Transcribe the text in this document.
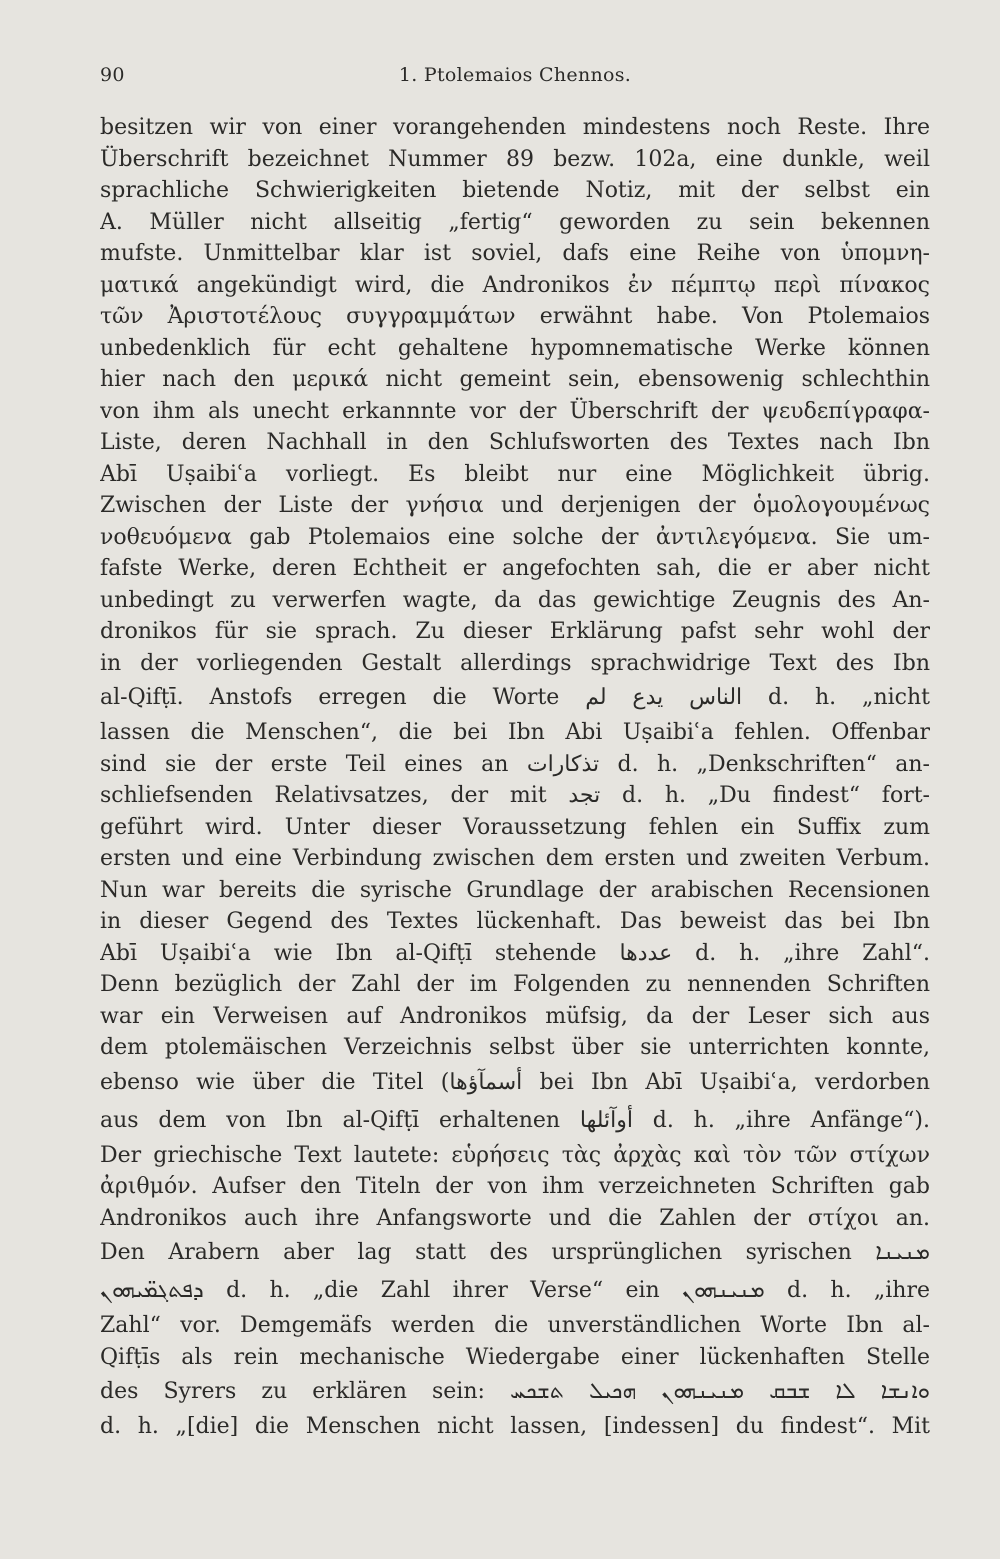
90	1. Ptolemaios Chennos.
besitzen wir von einer vorangehenden mindestens noch Reste. Ihre
Überschrift bezeichnet Nummer 89 bezw. 102a, eine dunkle, weil
sprachliche Schwierigkeiten bietende Notiz, mit der selbst ein
A. Müller nicht allseitig „fertig“ geworden zu sein bekennen
mufste. Unmittelbar klar ist soviel, dafs eine Reihe von ὑπομνη-
ματικά angekündigt wird, die Andronikos ἐν πέμπτῳ περὶ πίνακος
τῶν Ἀριστοτέλους συγγραμμάτων erwähnt habe. Von Ptolemaios
unbedenklich für echt gehaltene hypomnematische Werke können
hier nach den μερικά nicht gemeint sein, ebensowenig schlechthin
von ihm als unecht erkannnte vor der Überschrift der ψευδεπίγραφα-
Liste, deren Nachhall in den Schlufsworten des Textes nach Ibn
Abī Uṣaibiʿa vorliegt. Es bleibt nur eine Möglichkeit übrig.
Zwischen der Liste der γνήσια und derjenigen der ὁμολογουμένως
νοθευόμενα gab Ptolemaios eine solche der ἀντιλεγόμενα. Sie um-
fafste Werke, deren Echtheit er angefochten sah, die er aber nicht
unbedingt zu verwerfen wagte, da das gewichtige Zeugnis des An-
dronikos für sie sprach. Zu dieser Erklärung pafst sehr wohl der
in der vorliegenden Gestalt allerdings sprachwidrige Text des Ibn
al-Qifṭī. Anstofs erregen die Worte الناس يدع لم d. h. „nicht
lassen die Menschen“, die bei Ibn Abi Uṣaibiʿa fehlen. Offenbar
sind sie der erste Teil eines an تذكارات d. h. „Denkschriften“ an-
schliefsenden Relativsatzes, der mit تجد d. h. „Du findest“ fort-
geführt wird. Unter dieser Voraussetzung fehlen ein Suffix zum
ersten und eine Verbindung zwischen dem ersten und zweiten Verbum.
Nun war bereits die syrische Grundlage der arabischen Recensionen
in dieser Gegend des Textes lückenhaft. Das beweist das bei Ibn
Abī Uṣaibiʿa wie Ibn al-Qifṭī stehende عددها d. h. „ihre Zahl“.
Denn bezüglich der Zahl der im Folgenden zu nennenden Schriften
war ein Verweisen auf Andronikos müfsig, da der Leser sich aus
dem ptolemäischen Verzeichnis selbst über sie unterrichten konnte,
ebenso wie über die Titel (أسمآؤها bei Ibn Abī Uṣaibiʿa, verdorben
aus dem von Ibn al-Qifṭī erhaltenen أوآئلها d. h. „ihre Anfänge“).
Der griechische Text lautete: εὑρήσεις τὰς ἀρχὰς καὶ τὸν τῶν στίχων
ἀριθμόν. Aufser den Titeln der von ihm verzeichneten Schriften gab
Andronikos auch ihre Anfangsworte und die Zahlen der στίχοι an.
Den Arabern aber lag statt des ursprünglichen syrischen ܡܢܝܢܐ
ܕܦܬܓܡ̈ܝܗܘܢ d. h. „die Zahl ihrer Verse“ ein ܡܢܝܢܗܘܢ d. h. „ihre
Zahl“ vor. Demgemäfs werden die unverständlichen Worte Ibn al-
Qifṭīs als rein mechanische Wiedergabe einer lückenhaften Stelle
des Syrers zu erklären sein: ܘܐܢܫܐ ܠܐ ܫܒܩ ܡܢܝܢܗܘܢ ܗܟܝܠ ܬܫܟܚ
d. h. „[die] die Menschen nicht lassen, [indessen] du findest“. Mit
